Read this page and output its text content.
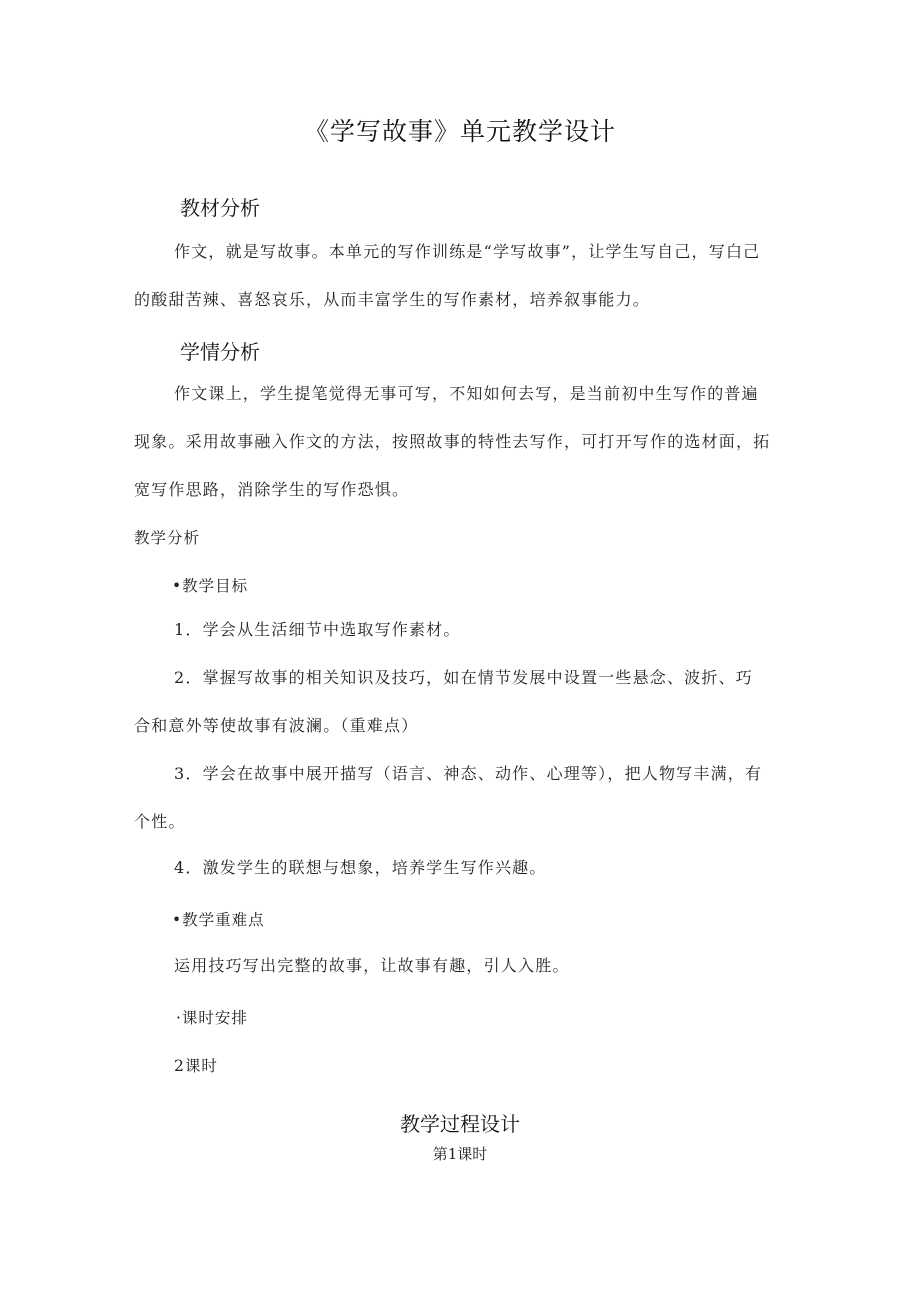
《学写故事》单元教学设计
教材分析
作文，就是写故事。本单元的写作训练是“学写故事”，让学生写自己，写白己
的酸甜苦辣、喜怒哀乐，从而丰富学生的写作素材，培养叙事能力。
学情分析
作文课上，学生提笔觉得无事可写，不知如何去写，是当前初中生写作的普遍
现象。采用故事融入作文的方法，按照故事的特性去写作，可打开写作的选材面，拓
宽写作思路，消除学生的写作恐惧。
教学分析
•教学目标
1．学会从生活细节中选取写作素材。
2．掌握写故事的相关知识及技巧，如在情节发展中设置一些悬念、波折、巧
合和意外等使故事有波澜。（重难点）
3．学会在故事中展开描写（语言、神态、动作、心理等），把人物写丰满，有
个性。
4．激发学生的联想与想象，培养学生写作兴趣。
•教学重难点
运用技巧写出完整的故事，让故事有趣，引人入胜。
·课时安排
2课时
教学过程设计
第1课时
